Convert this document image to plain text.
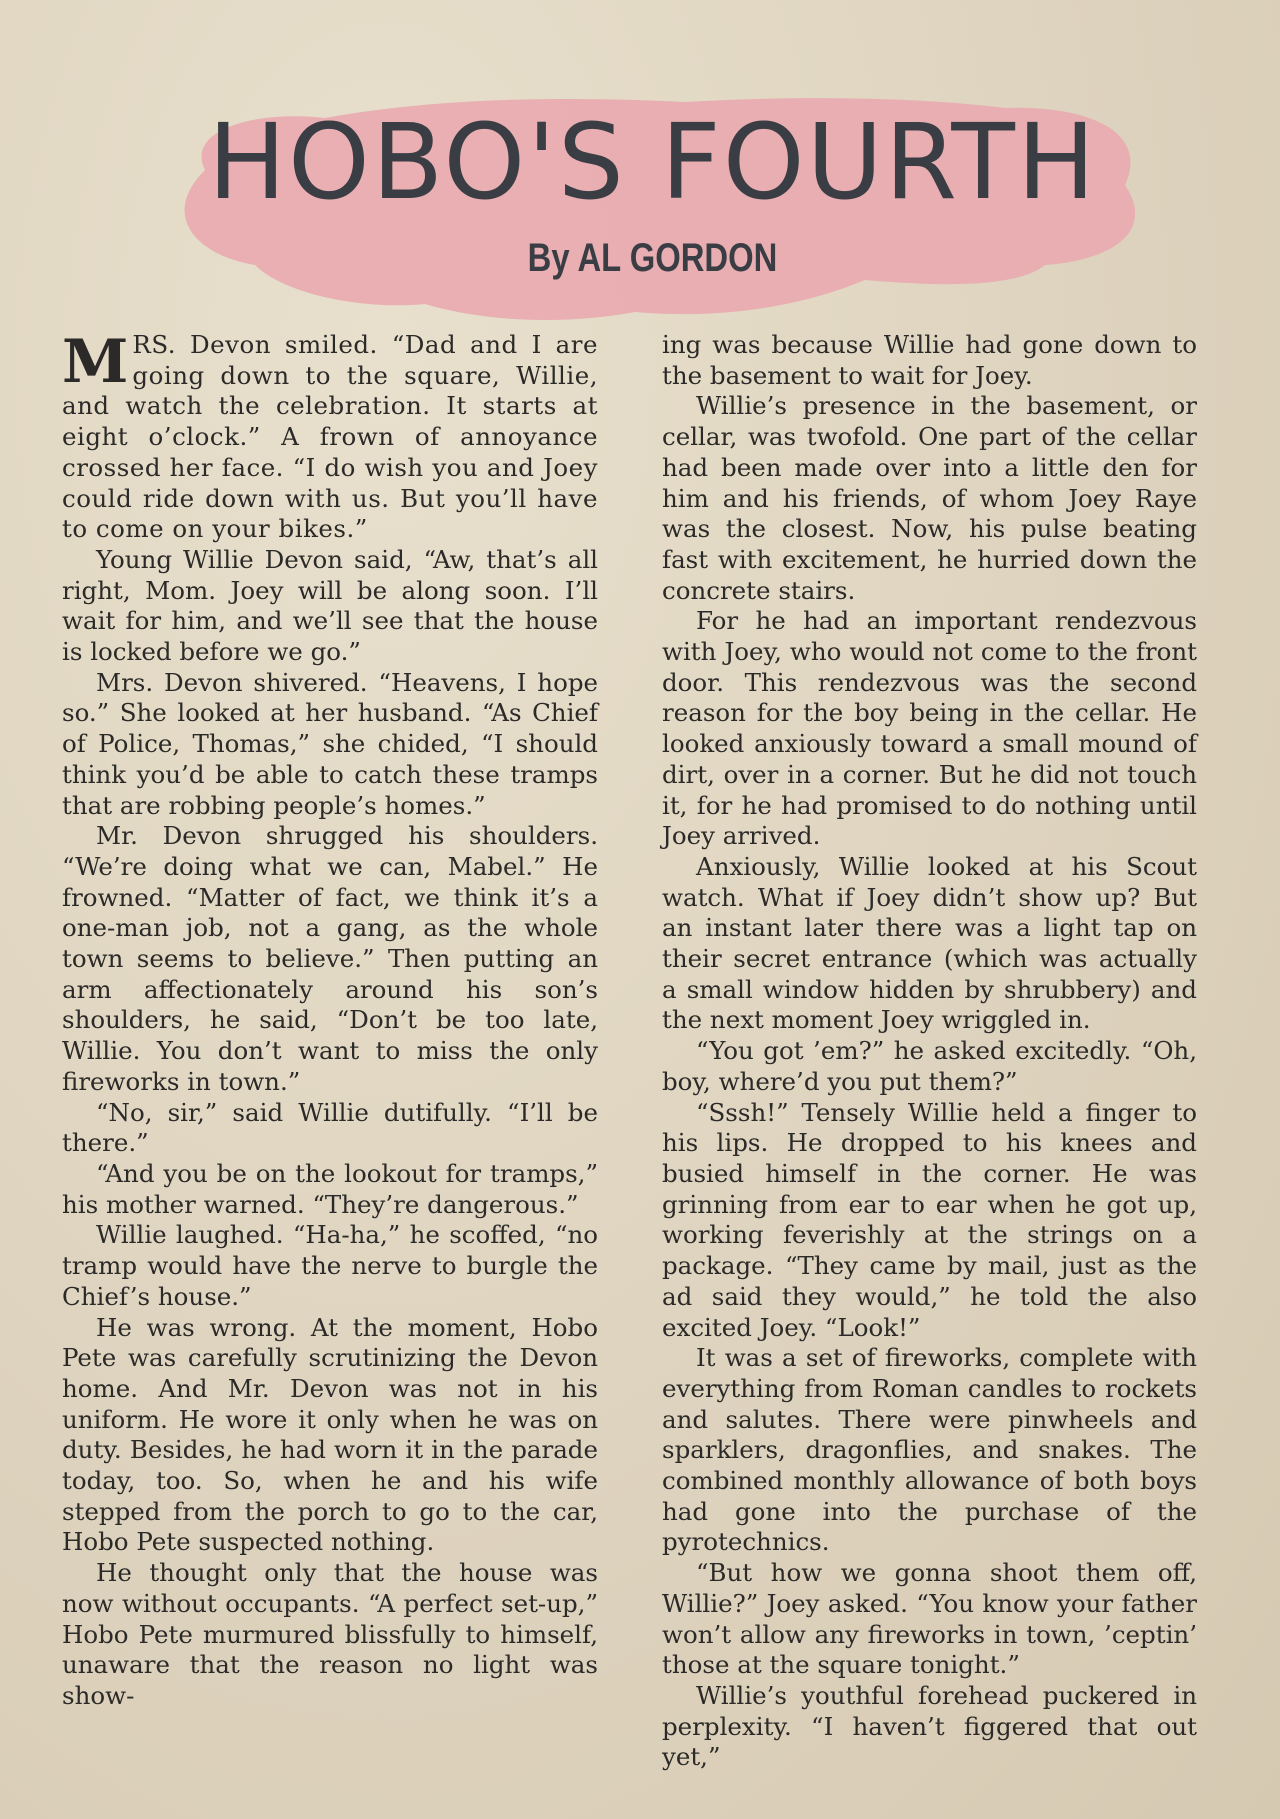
HOBO'S FOURTH
By AL GORDON

MRS. Devon smiled. “Dad and I are going down to the square, Willie, and watch the celebration. It starts at eight o’clock.” A frown of annoyance crossed her face. “I do wish you and Joey could ride down with us. But you’ll have to come on your bikes.”

Young Willie Devon said, “Aw, that’s all right, Mom. Joey will be along soon. I’ll wait for him, and we’ll see that the house is locked before we go.”

Mrs. Devon shivered. “Heavens, I hope so.” She looked at her husband. “As Chief of Police, Thomas,” she chided, “I should think you’d be able to catch these tramps that are robbing people’s homes.”

Mr. Devon shrugged his shoulders. “We’re doing what we can, Mabel.” He frowned. “Matter of fact, we think it’s a one-man job, not a gang, as the whole town seems to believe.” Then putting an arm affectionately around his son’s shoulders, he said, “Don’t be too late, Willie. You don’t want to miss the only fireworks in town.”

“No, sir,” said Willie dutifully. “I’ll be there.”

“And you be on the lookout for tramps,” his mother warned. “They’re dangerous.”

Willie laughed. “Ha-ha,” he scoffed, “no tramp would have the nerve to burgle the Chief’s house.”

He was wrong. At the moment, Hobo Pete was carefully scrutinizing the Devon home. And Mr. Devon was not in his uniform. He wore it only when he was on duty. Besides, he had worn it in the parade today, too. So, when he and his wife stepped from the porch to go to the car, Hobo Pete suspected nothing.

He thought only that the house was now without occupants. “A perfect set-up,” Hobo Pete murmured blissfully to himself, unaware that the reason no light was show-

ing was because Willie had gone down to the basement to wait for Joey.

Willie’s presence in the basement, or cellar, was twofold. One part of the cellar had been made over into a little den for him and his friends, of whom Joey Raye was the closest. Now, his pulse beating fast with excitement, he hurried down the concrete stairs.

For he had an important rendezvous with Joey, who would not come to the front door. This rendezvous was the second reason for the boy being in the cellar. He looked anxiously toward a small mound of dirt, over in a corner. But he did not touch it, for he had promised to do nothing until Joey arrived.

Anxiously, Willie looked at his Scout watch. What if Joey didn’t show up? But an instant later there was a light tap on their secret entrance (which was actually a small window hidden by shrubbery) and the next moment Joey wriggled in.

“You got ’em?” he asked excitedly. “Oh, boy, where’d you put them?”

“Sssh!” Tensely Willie held a finger to his lips. He dropped to his knees and busied himself in the corner. He was grinning from ear to ear when he got up, working feverishly at the strings on a package. “They came by mail, just as the ad said they would,” he told the also excited Joey. “Look!”

It was a set of fireworks, complete with everything from Roman candles to rockets and salutes. There were pinwheels and sparklers, dragonflies, and snakes. The combined monthly allowance of both boys had gone into the purchase of the pyrotechnics.

“But how we gonna shoot them off, Willie?” Joey asked. “You know your father won’t allow any fireworks in town, ’ceptin’ those at the square tonight.”

Willie’s youthful forehead puckered in perplexity. “I haven’t figgered that out yet,”
